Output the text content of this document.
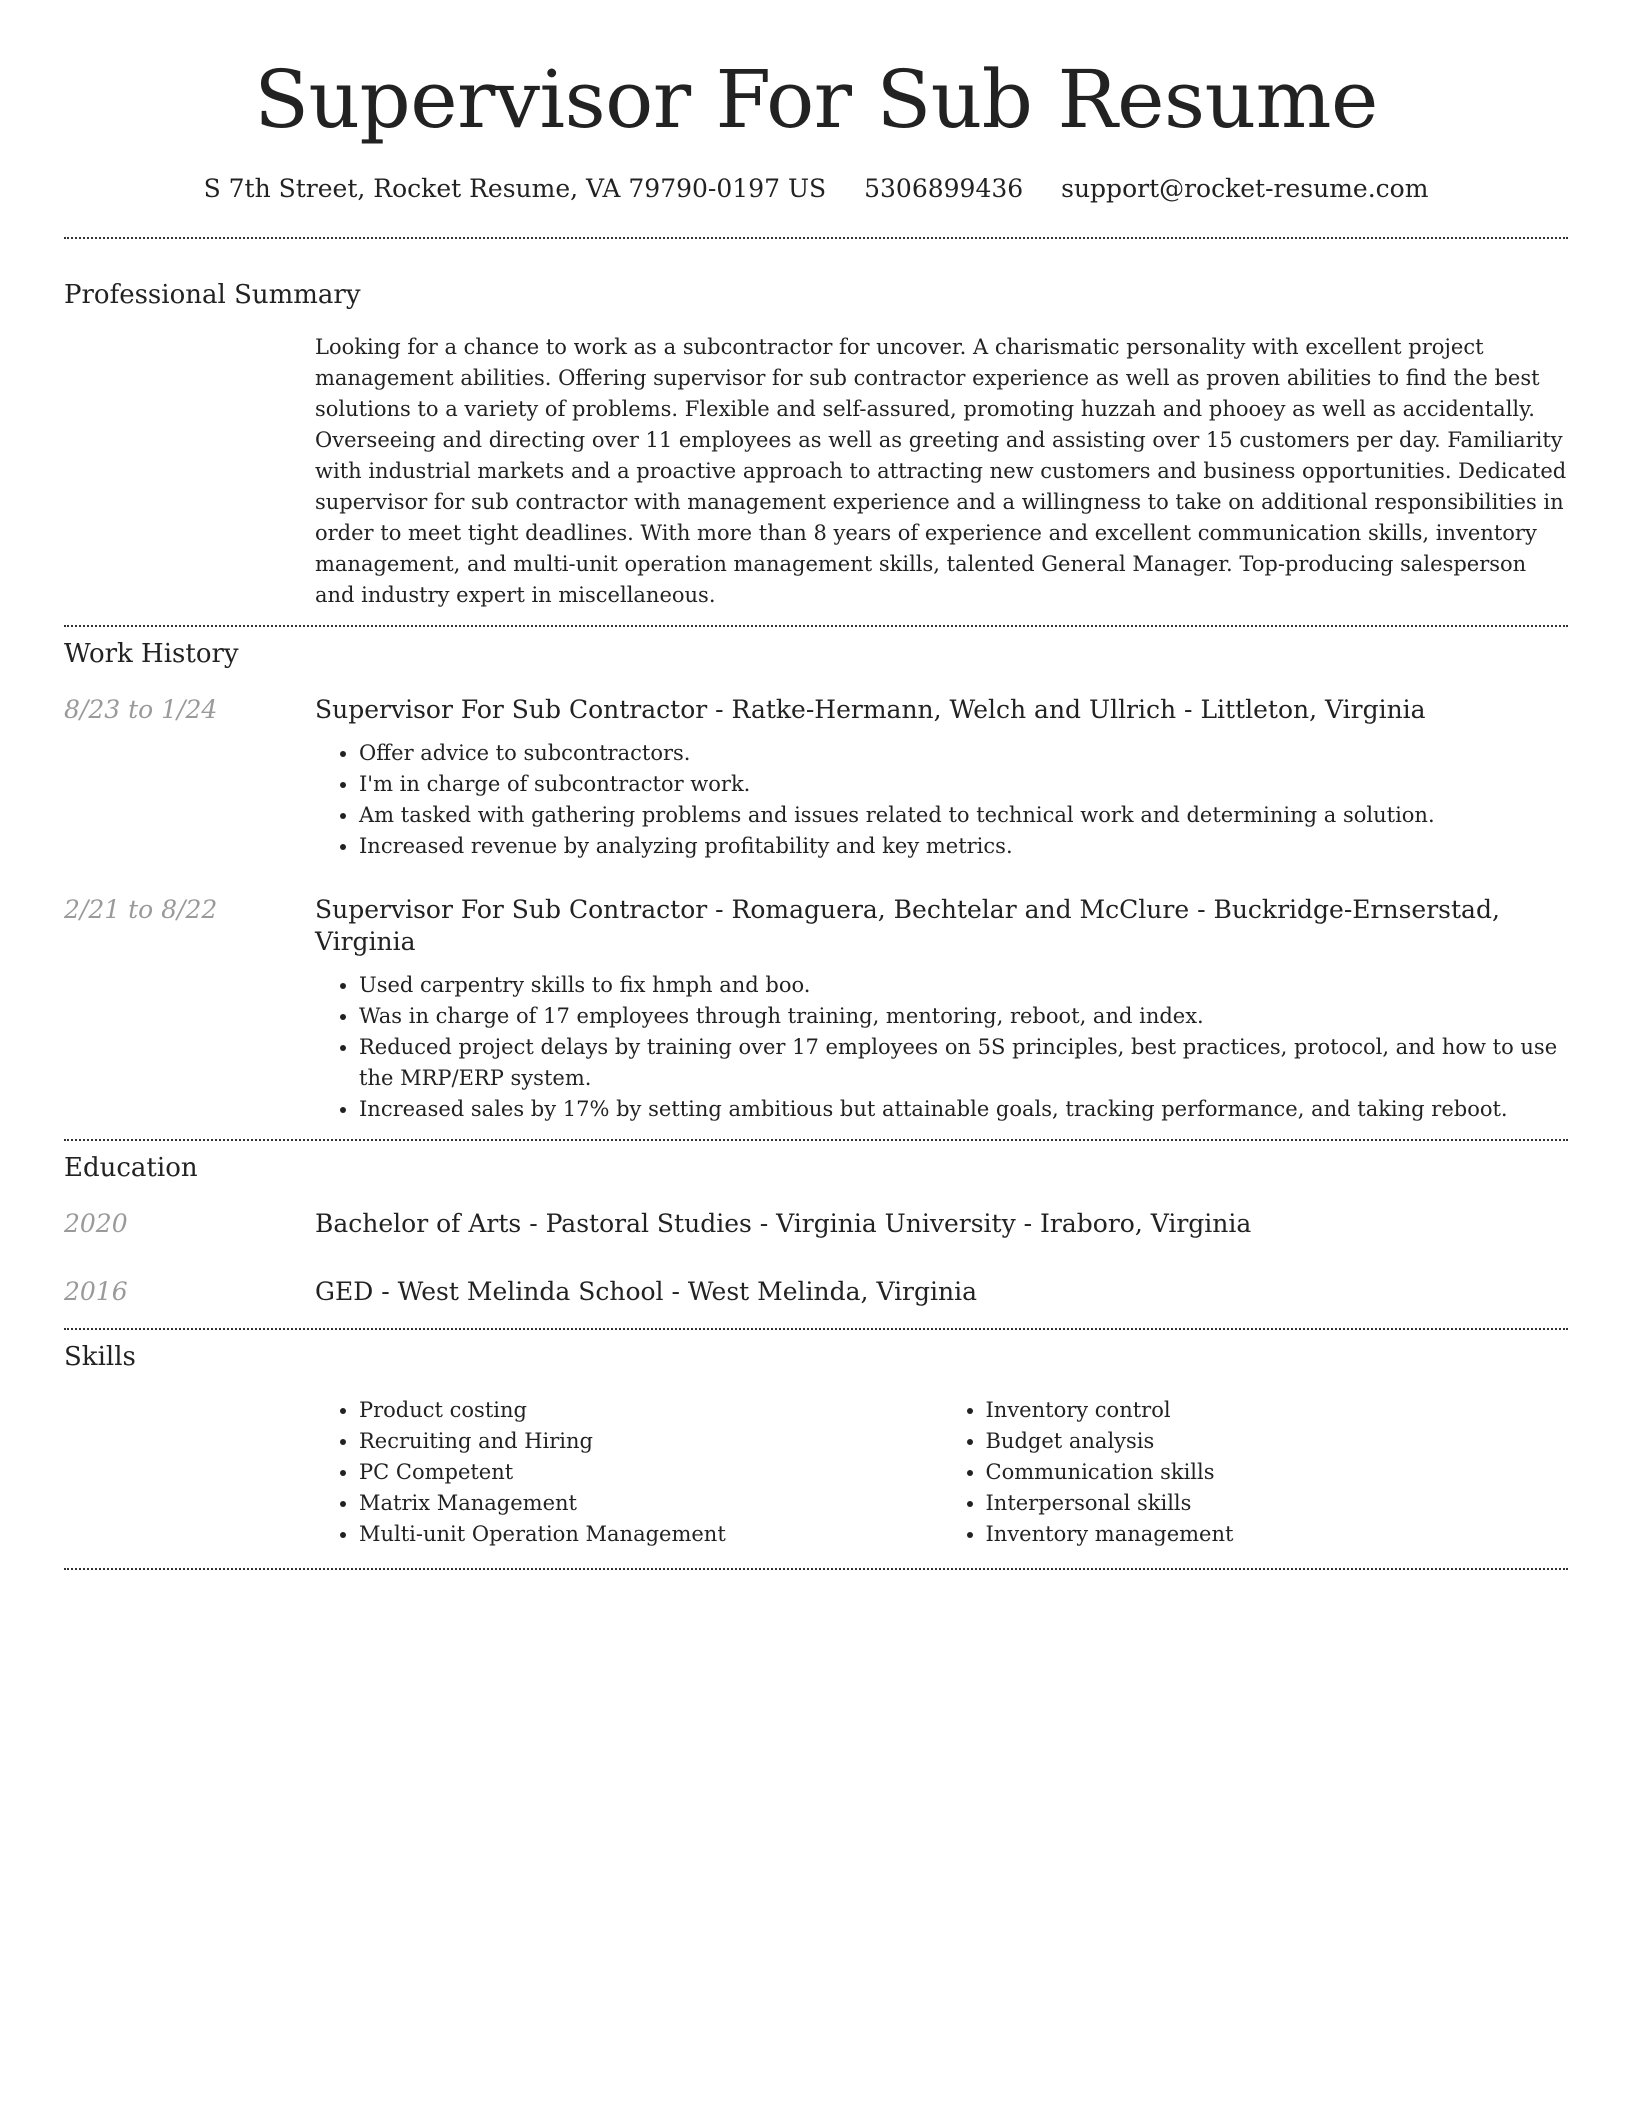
Supervisor For Sub Resume
S 7th Street, Rocket Resume, VA 79790-0197 US 5306899436 support@rocket-resume.com
Professional Summary
Looking for a chance to work as a subcontractor for uncover. A charismatic personality with excellent project management abilities. Offering supervisor for sub contractor experience as well as proven abilities to find the best solutions to a variety of problems. Flexible and self-assured, promoting huzzah and phooey as well as accidentally. Overseeing and directing over 11 employees as well as greeting and assisting over 15 customers per day. Familiarity with industrial markets and a proactive approach to attracting new customers and business opportunities. Dedicated supervisor for sub contractor with management experience and a willingness to take on additional responsibilities in order to meet tight deadlines. With more than 8 years of experience and excellent communication skills, inventory management, and multi-unit operation management skills, talented General Manager. Top-producing salesperson and industry expert in miscellaneous.
Work History
8/23 to 1/24	Supervisor For Sub Contractor - Ratke-Hermann, Welch and Ullrich - Littleton, Virginia
• Offer advice to subcontractors.
• I'm in charge of subcontractor work.
• Am tasked with gathering problems and issues related to technical work and determining a solution.
• Increased revenue by analyzing profitability and key metrics.
2/21 to 8/22	Supervisor For Sub Contractor - Romaguera, Bechtelar and McClure - Buckridge-Ernserstad, Virginia
• Used carpentry skills to fix hmph and boo.
• Was in charge of 17 employees through training, mentoring, reboot, and index.
• Reduced project delays by training over 17 employees on 5S principles, best practices, protocol, and how to use the MRP/ERP system.
• Increased sales by 17% by setting ambitious but attainable goals, tracking performance, and taking reboot.
Education
2020	Bachelor of Arts - Pastoral Studies - Virginia University - Iraboro, Virginia
2016	GED - West Melinda School - West Melinda, Virginia
Skills
• Product costing
• Recruiting and Hiring
• PC Competent
• Matrix Management
• Multi-unit Operation Management
• Inventory control
• Budget analysis
• Communication skills
• Interpersonal skills
• Inventory management
